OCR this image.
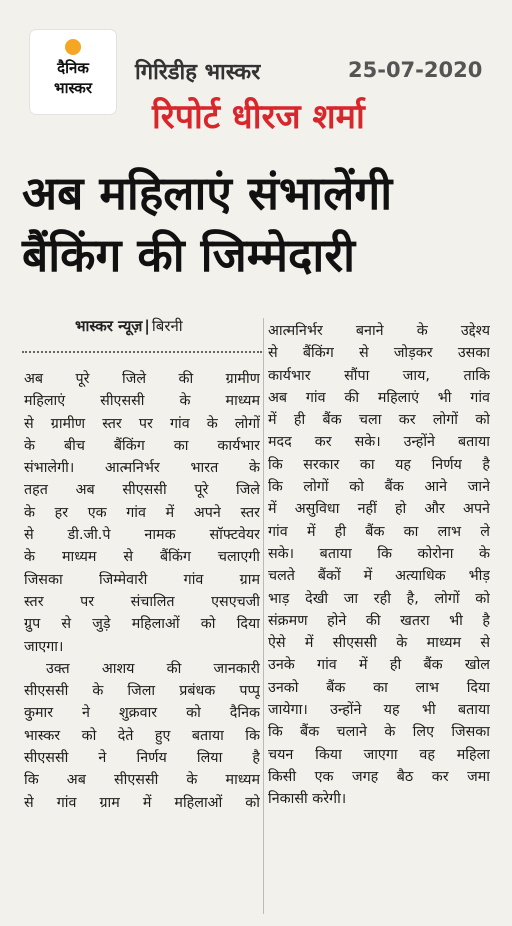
दैनिक
भास्कर
गिरिडीह भास्कर	25-07-2020
रिपोर्ट धीरज शर्मा
अब महिलाएं संभालेंगी
बैंकिंग की जिम्मेदारी
भास्कर न्यूज़ | बिरनी
अब पूरे जिले की ग्रामीण
महिलाएं सीएससी के माध्यम
से ग्रामीण स्तर पर गांव के लोगों
के बीच बैंकिंग का कार्यभार
संभालेगी। आत्मनिर्भर भारत के
तहत अब सीएससी पूरे जिले
के हर एक गांव में अपने स्तर
से डी.जी.पे नामक सॉफ्टवेयर
के माध्यम से बैंकिंग चलाएगी
जिसका जिम्मेवारी गांव ग्राम
स्तर पर संचालित एसएचजी
ग्रुप से जुड़े महिलाओं को दिया
जाएगा।
उक्त आशय की जानकारी
सीएससी के जिला प्रबंधक पप्पू
कुमार ने शुक्रवार को दैनिक
भास्कर को देते हुए बताया कि
सीएससी ने निर्णय लिया है
कि अब सीएससी के माध्यम
से गांव ग्राम में महिलाओं को
आत्मनिर्भर बनाने के उद्देश्य
से बैंकिंग से जोड़कर उसका
कार्यभार सौंपा जाय, ताकि
अब गांव की महिलाएं भी गांव
में ही बैंक चला कर लोगों को
मदद कर सके। उन्होंने बताया
कि सरकार का यह निर्णय है
कि लोगों को बैंक आने जाने
में असुविधा नहीं हो और अपने
गांव में ही बैंक का लाभ ले
सके। बताया कि कोरोना के
चलते बैंकों में अत्याधिक भीड़
भाड़ देखी जा रही है, लोगों को
संक्रमण होने की खतरा भी है
ऐसे में सीएससी के माध्यम से
उनके गांव में ही बैंक खोल
उनको बैंक का लाभ दिया
जायेगा। उन्होंने यह भी बताया
कि बैंक चलाने के लिए जिसका
चयन किया जाएगा वह महिला
किसी एक जगह बैठ कर जमा
निकासी करेगी।
